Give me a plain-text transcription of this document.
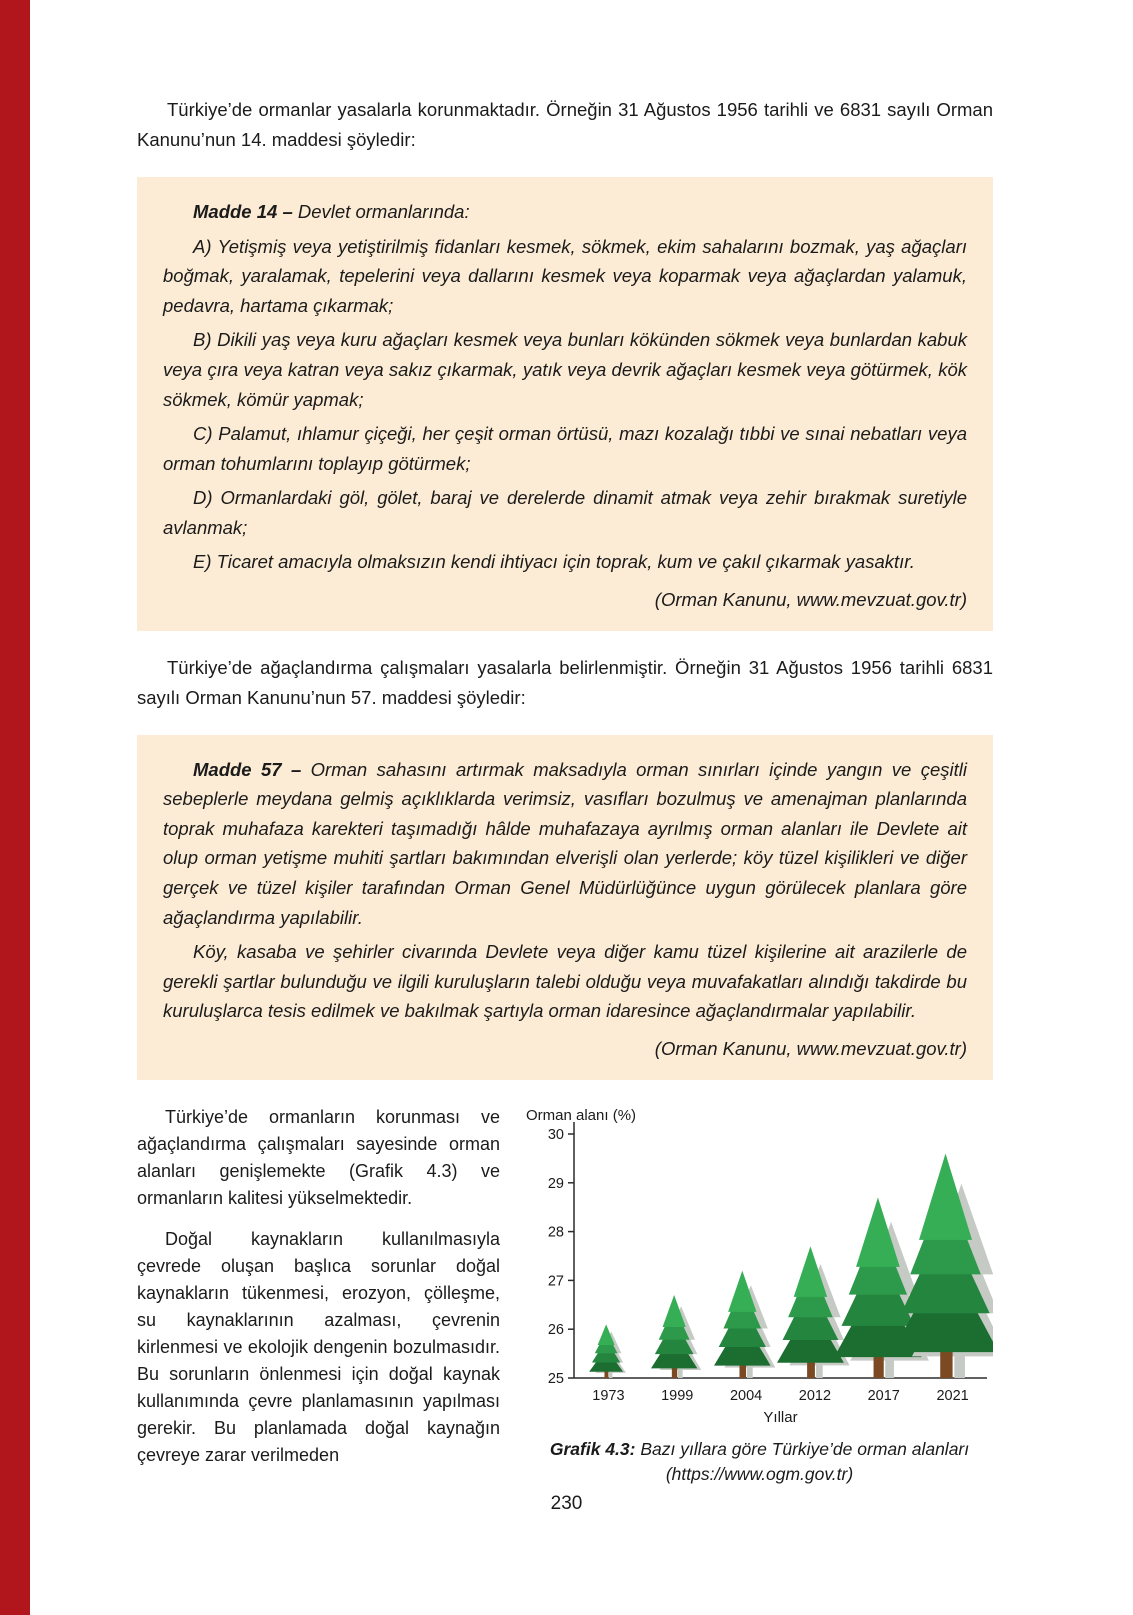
Türkiye’de ormanlar yasalarla korunmaktadır. Örneğin 31 Ağustos 1956 tarihli ve 6831 sayılı Orman Kanunu’nun 14. maddesi şöyledir:

Madde 14 – Devlet ormanlarında:

A) Yetişmiş veya yetiştirilmiş fidanları kesmek, sökmek, ekim sahalarını bozmak, yaş ağaçları boğmak, yaralamak, tepelerini veya dallarını kesmek veya koparmak veya ağaçlardan yalamuk, pedavra, hartama çıkarmak;

B) Dikili yaş veya kuru ağaçları kesmek veya bunları kökünden sökmek veya bunlardan kabuk veya çıra veya katran veya sakız çıkarmak, yatık veya devrik ağaçları kesmek veya götürmek, kök sökmek, kömür yapmak;

C) Palamut, ıhlamur çiçeği, her çeşit orman örtüsü, mazı kozalağı tıbbi ve sınai nebatları veya orman tohumlarını toplayıp götürmek;

D) Ormanlardaki göl, gölet, baraj ve derelerde dinamit atmak veya zehir bırakmak suretiyle avlanmak;

E) Ticaret amacıyla olmaksızın kendi ihtiyacı için toprak, kum ve çakıl çıkarmak yasaktır.

(Orman Kanunu, www.mevzuat.gov.tr)

Türkiye’de ağaçlandırma çalışmaları yasalarla belirlenmiştir. Örneğin 31 Ağustos 1956 tarihli 6831 sayılı Orman Kanunu’nun 57. maddesi şöyledir:

Madde 57 – Orman sahasını artırmak maksadıyla orman sınırları içinde yangın ve çeşitli sebeplerle meydana gelmiş açıklıklarda verimsiz, vasıfları bozulmuş ve amenajman planlarında toprak muhafaza karekteri taşımadığı hâlde muhafazaya ayrılmış orman alanları ile Devlete ait olup orman yetişme muhiti şartları bakımından elverişli olan yerlerde; köy tüzel kişilikleri ve diğer gerçek ve tüzel kişiler tarafından Orman Genel Müdürlüğünce uygun görülecek planlara göre ağaçlandırma yapılabilir.

Köy, kasaba ve şehirler civarında Devlete veya diğer kamu tüzel kişilerine ait arazilerle de gerekli şartlar bulunduğu ve ilgili kuruluşların talebi olduğu veya muvafakatları alındığı takdirde bu kuruluşlarca tesis edilmek ve bakılmak şartıyla orman idaresince ağaçlandırmalar yapılabilir.

(Orman Kanunu, www.mevzuat.gov.tr)

Türkiye’de ormanların korunması ve ağaçlandırma çalışmaları sayesinde orman alanları genişlemekte (Grafik 4.3) ve ormanların kalitesi yükselmektedir.

Doğal kaynakların kullanılmasıyla çevrede oluşan başlıca sorunlar doğal kaynakların tükenmesi, erozyon, çölleşme, su kaynaklarının azalması, çevrenin kirlenmesi ve ekolojik dengenin bozulmasıdır. Bu sorunların önlenmesi için doğal kaynak kullanımında çevre planlamasının yapılması gerekir. Bu planlamada doğal kaynağın çevreye zarar verilmeden

Orman alanı (%)
25
26
27
28
29
30
1973	1999	2004	2012	2017	2021
Yıllar

Grafik 4.3: Bazı yıllara göre Türkiye’de orman alanları
(https://www.ogm.gov.tr)

230
